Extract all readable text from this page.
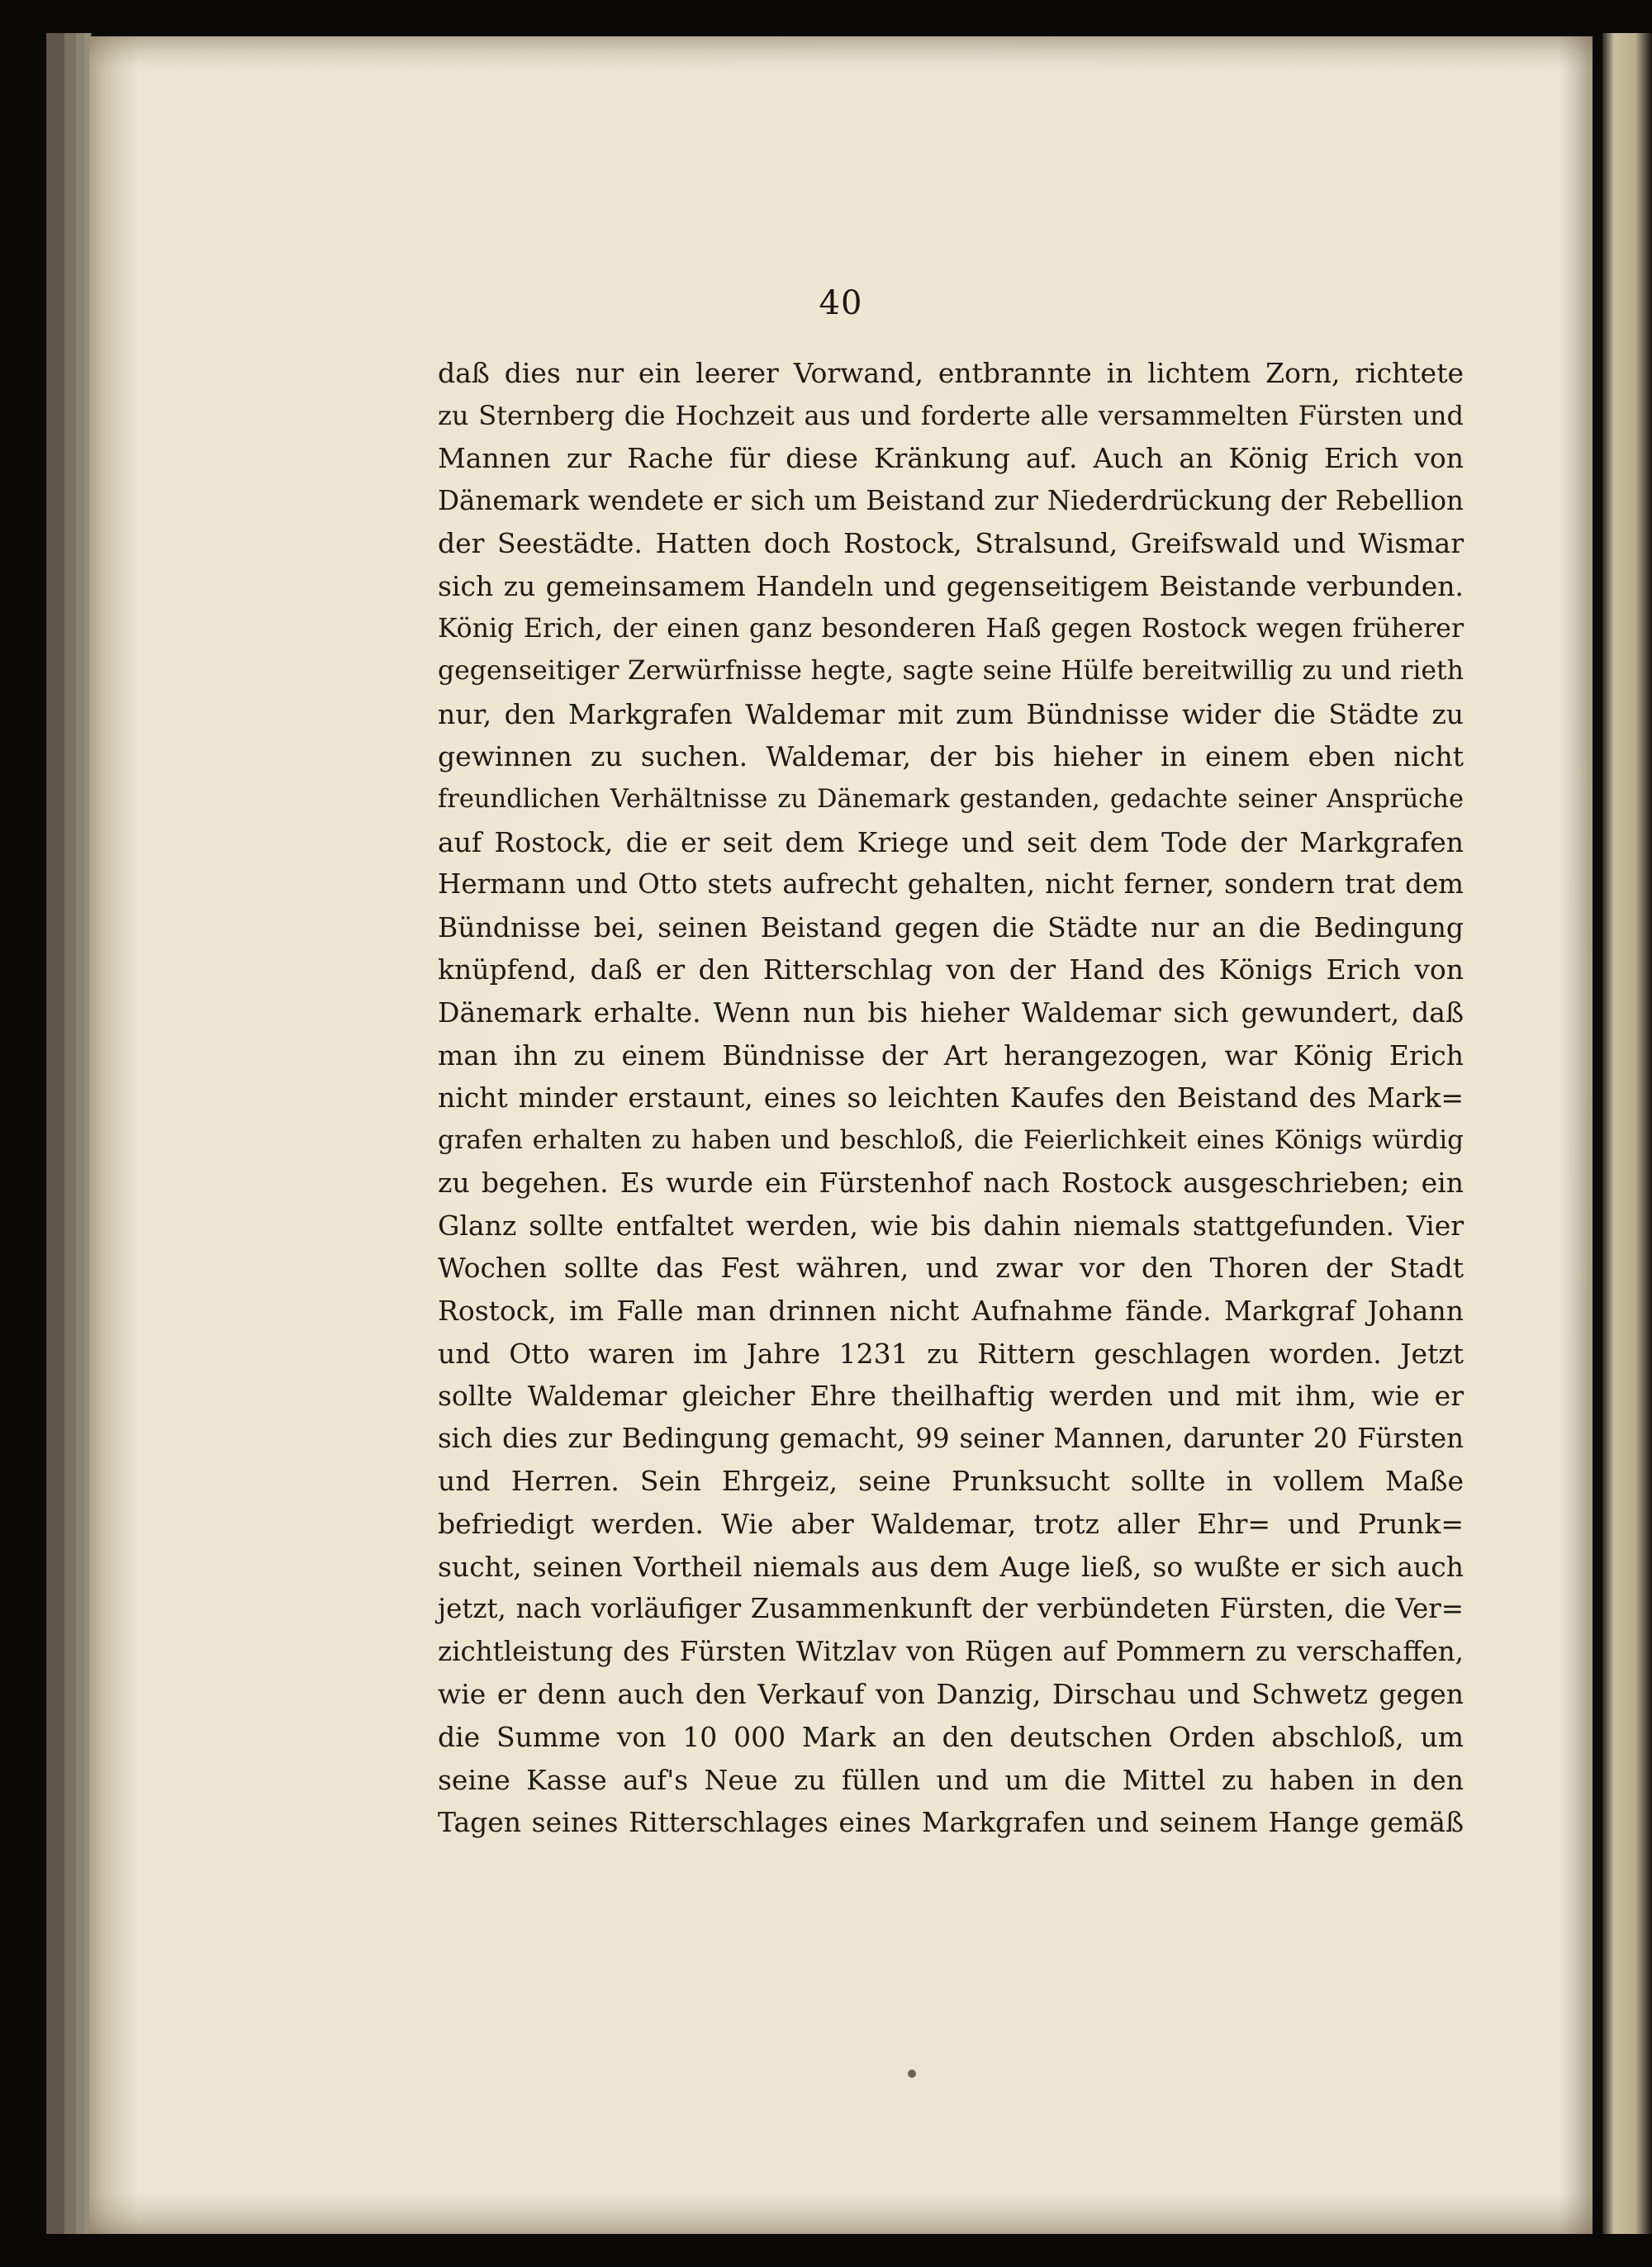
40
daß dies nur ein leerer Vorwand, entbrannte in lichtem Zorn, richtete
zu Sternberg die Hochzeit aus und forderte alle versammelten Fürsten und
Mannen zur Rache für diese Kränkung auf. Auch an König Erich von
Dänemark wendete er sich um Beistand zur Niederdrückung der Rebellion
der Seestädte. Hatten doch Rostock, Stralsund, Greifswald und Wismar
sich zu gemeinsamem Handeln und gegenseitigem Beistande verbunden.
König Erich, der einen ganz besonderen Haß gegen Rostock wegen früherer
gegenseitiger Zerwürfnisse hegte, sagte seine Hülfe bereitwillig zu und rieth
nur, den Markgrafen Waldemar mit zum Bündnisse wider die Städte zu
gewinnen zu suchen. Waldemar, der bis hieher in einem eben nicht
freundlichen Verhältnisse zu Dänemark gestanden, gedachte seiner Ansprüche
auf Rostock, die er seit dem Kriege und seit dem Tode der Markgrafen
Hermann und Otto stets aufrecht gehalten, nicht ferner, sondern trat dem
Bündnisse bei, seinen Beistand gegen die Städte nur an die Bedingung
knüpfend, daß er den Ritterschlag von der Hand des Königs Erich von
Dänemark erhalte. Wenn nun bis hieher Waldemar sich gewundert, daß
man ihn zu einem Bündnisse der Art herangezogen, war König Erich
nicht minder erstaunt, eines so leichten Kaufes den Beistand des Mark=
grafen erhalten zu haben und beschloß, die Feierlichkeit eines Königs würdig
zu begehen. Es wurde ein Fürstenhof nach Rostock ausgeschrieben; ein
Glanz sollte entfaltet werden, wie bis dahin niemals stattgefunden. Vier
Wochen sollte das Fest währen, und zwar vor den Thoren der Stadt
Rostock, im Falle man drinnen nicht Aufnahme fände. Markgraf Johann
und Otto waren im Jahre 1231 zu Rittern geschlagen worden. Jetzt
sollte Waldemar gleicher Ehre theilhaftig werden und mit ihm, wie er
sich dies zur Bedingung gemacht, 99 seiner Mannen, darunter 20 Fürsten
und Herren. Sein Ehrgeiz, seine Prunksucht sollte in vollem Maße
befriedigt werden. Wie aber Waldemar, trotz aller Ehr= und Prunk=
sucht, seinen Vortheil niemals aus dem Auge ließ, so wußte er sich auch
jetzt, nach vorläufiger Zusammenkunft der verbündeten Fürsten, die Ver=
zichtleistung des Fürsten Witzlav von Rügen auf Pommern zu verschaffen,
wie er denn auch den Verkauf von Danzig, Dirschau und Schwetz gegen
die Summe von 10 000 Mark an den deutschen Orden abschloß, um
seine Kasse auf's Neue zu füllen und um die Mittel zu haben in den
Tagen seines Ritterschlages eines Markgrafen und seinem Hange gemäß
